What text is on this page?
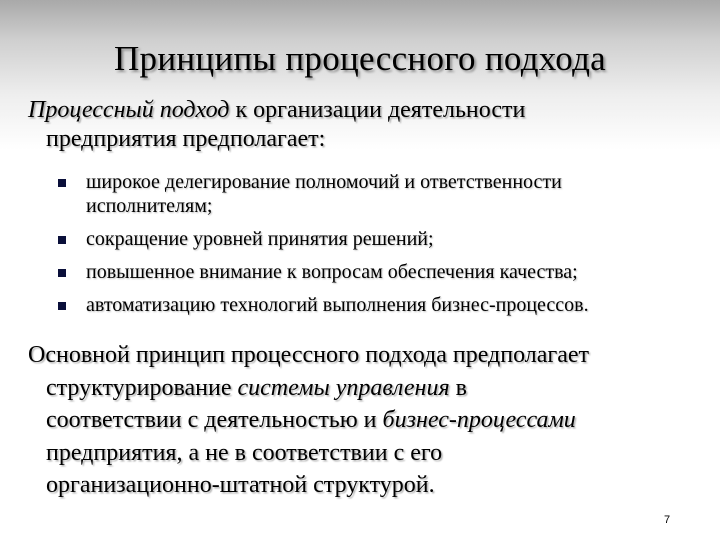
Принципы процессного подхода
Процессный подход к организации деятельности
предприятия предполагает:
широкое делегирование полномочий и ответственности
исполнителям;
сокращение уровней принятия решений;
повышенное внимание к вопросам обеспечения качества;
автоматизацию технологий выполнения бизнес-процессов.
Основной принцип процессного подхода предполагает
структурирование системы управления в
соответствии с деятельностью и бизнес-процессами
предприятия, а не в соответствии с его
организационно-штатной структурой.
7
